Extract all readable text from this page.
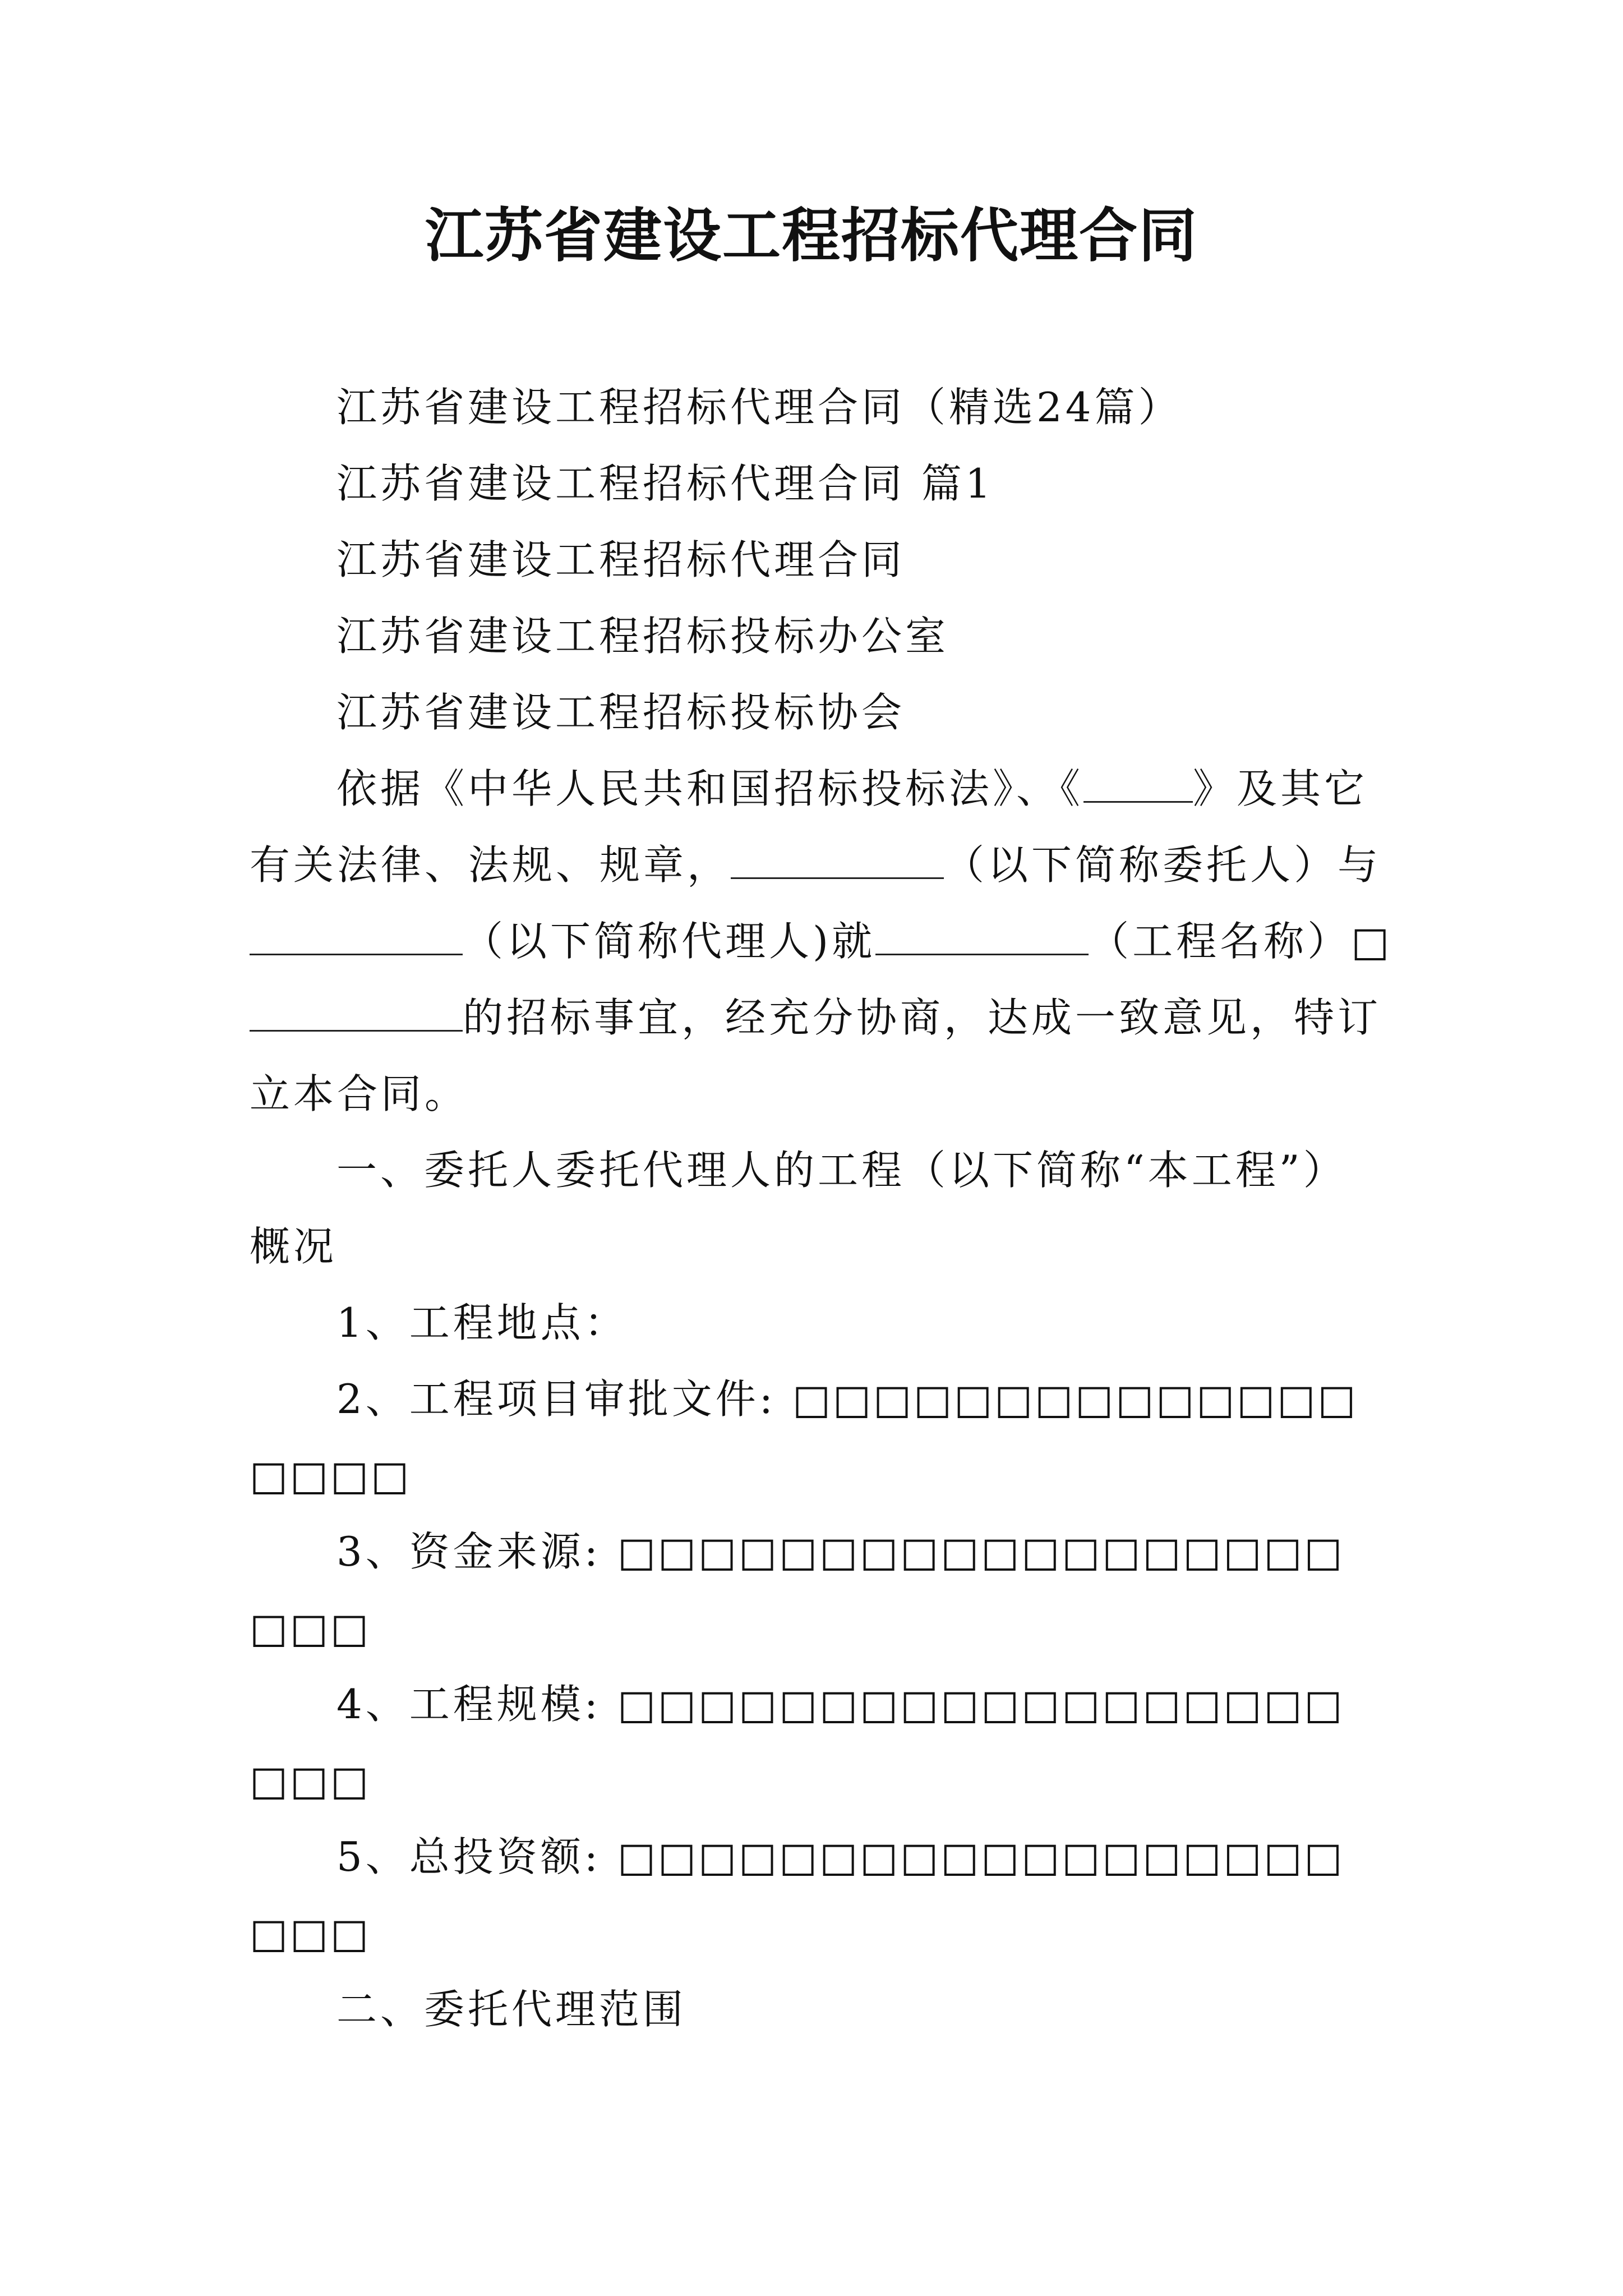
江苏省建设工程招标代理合同

江苏省建设工程招标代理合同（精选24篇）

江苏省建设工程招标代理合同 篇1

江苏省建设工程招标代理合同

江苏省建设工程招标投标办公室

江苏省建设工程招标投标协会

依据《中华人民共和国招标投标法》、《	》及其它

有关法律、法规、规章，	（以下简称委托人）与

（以下简称代理人)就	（工程名称）□

的招标事宜，经充分协商，达成一致意见，特订

立本合同。

一、委托人委托代理人的工程（以下简称“本工程”）

概况

1、工程地点：

2、工程项目审批文件: □□□□□□□□□□□□□□

□□□□

3、资金来源: □□□□□□□□□□□□□□□□□□

□□□

4、工程规模: □□□□□□□□□□□□□□□□□□

□□□

5、总投资额: □□□□□□□□□□□□□□□□□□

□□□

二、委托代理范围
